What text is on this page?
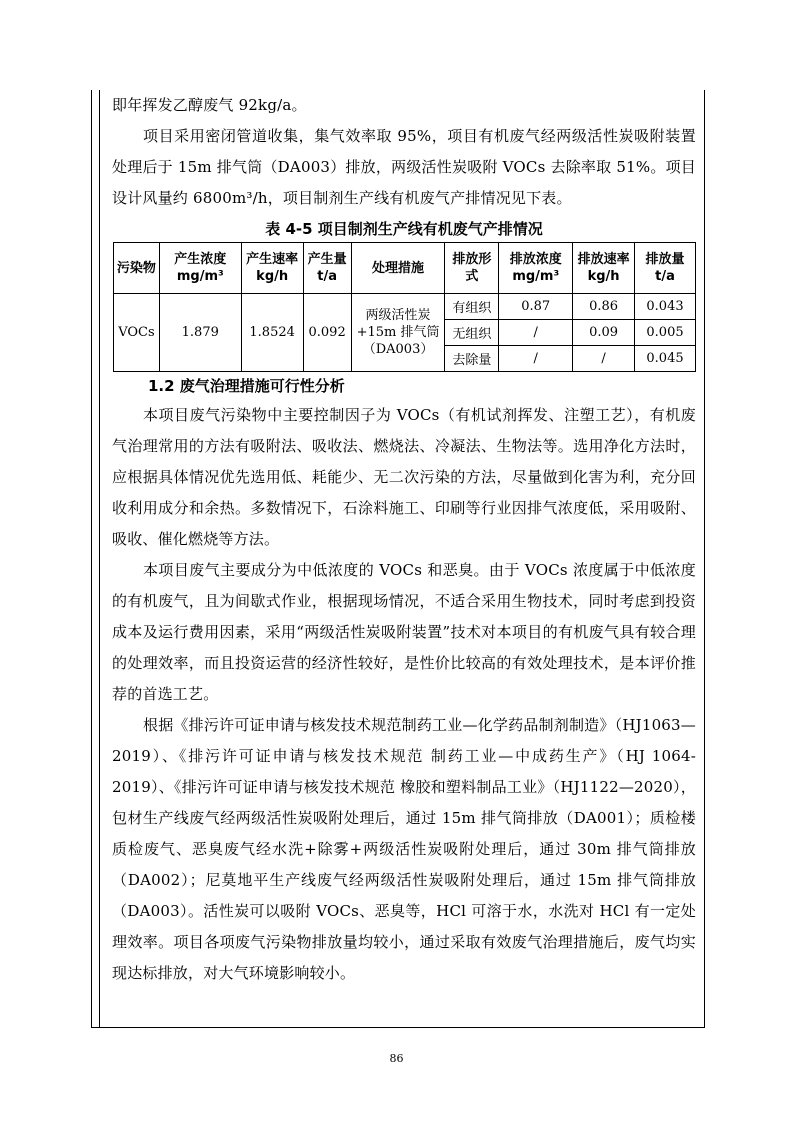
即年挥发乙醇废气 92kg/a。

项目采用密闭管道收集，集气效率取 95%，项目有机废气经两级活性炭吸附装置处理后于 15m 排气筒（DA003）排放，两级活性炭吸附 VOCs 去除率取 51%。项目设计风量约 6800m³/h，项目制剂生产线有机废气产排情况见下表。

表 4-5 项目制剂生产线有机废气产排情况
污染物	产生浓度 mg/m³	产生速率 kg/h	产生量 t/a	处理措施	排放形式	排放浓度 mg/m³	排放速率 kg/h	排放量 t/a
VOCs	1.879	1.8524	0.092	两级活性炭+15m 排气筒（DA003）	有组织	0.87	0.86	0.043
					无组织	/	0.09	0.005
					去除量	/	/	0.045
1.2 废气治理措施可行性分析

本项目废气污染物中主要控制因子为 VOCs（有机试剂挥发、注塑工艺），有机废气治理常用的方法有吸附法、吸收法、燃烧法、冷凝法、生物法等。选用净化方法时，应根据具体情况优先选用低、耗能少、无二次污染的方法，尽量做到化害为利，充分回收利用成分和余热。多数情况下，石涂料施工、印刷等行业因排气浓度低，采用吸附、吸收、催化燃烧等方法。

本项目废气主要成分为中低浓度的 VOCs 和恶臭。由于 VOCs 浓度属于中低浓度的有机废气，且为间歇式作业，根据现场情况，不适合采用生物技术，同时考虑到投资成本及运行费用因素，采用“两级活性炭吸附装置”技术对本项目的有机废气具有较合理的处理效率，而且投资运营的经济性较好，是性价比较高的有效处理技术，是本评价推荐的首选工艺。

根据《排污许可证申请与核发技术规范制药工业—化学药品制剂制造》（HJ1063—2019）、《排污许可证申请与核发技术规范 制药工业—中成药生产》（HJ 1064-2019）、《排污许可证申请与核发技术规范 橡胶和塑料制品工业》（HJ1122—2020），包材生产线废气经两级活性炭吸附处理后，通过 15m 排气筒排放（DA001）；质检楼质检废气、恶臭废气经水洗+除雾+两级活性炭吸附处理后，通过 30m 排气筒排放（DA002）；尼莫地平生产线废气经两级活性炭吸附处理后，通过 15m 排气筒排放（DA003）。活性炭可以吸附 VOCs、恶臭等，HCl 可溶于水，水洗对 HCl 有一定处理效率。项目各项废气污染物排放量均较小，通过采取有效废气治理措施后，废气均实现达标排放，对大气环境影响较小。

86
